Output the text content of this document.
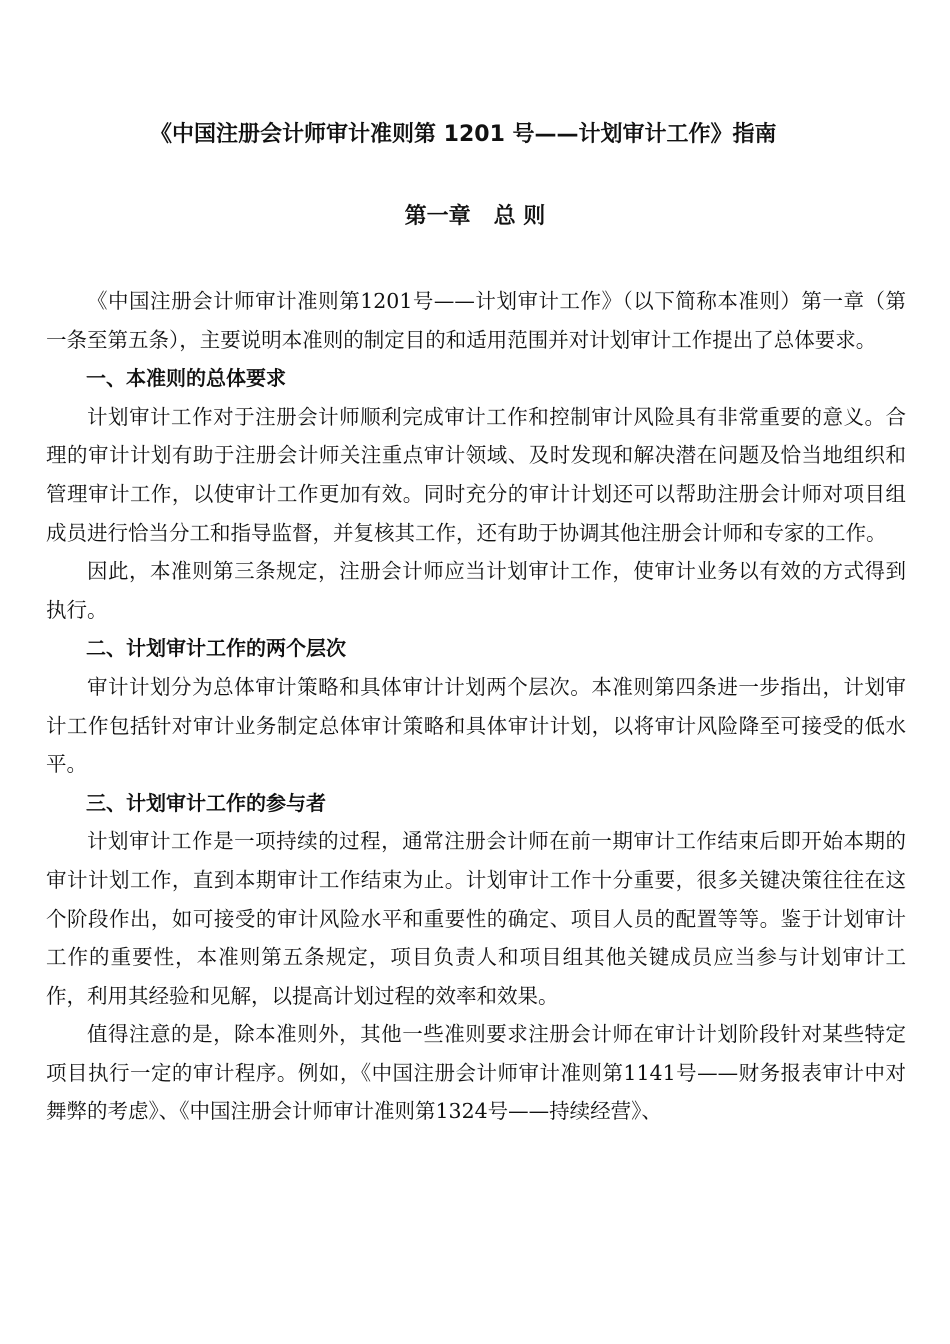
《中国注册会计师审计准则第 1201 号——计划审计工作》指南
第一章   总 则

《中国注册会计师审计准则第1201号——计划审计工作》（以下简称本准则）第一章（第一条至第五条），主要说明本准则的制定目的和适用范围并对计划审计工作提出了总体要求。

一、本准则的总体要求

计划审计工作对于注册会计师顺利完成审计工作和控制审计风险具有非常重要的意义。合理的审计计划有助于注册会计师关注重点审计领域、及时发现和解决潜在问题及恰当地组织和管理审计工作，以使审计工作更加有效。同时充分的审计计划还可以帮助注册会计师对项目组成员进行恰当分工和指导监督，并复核其工作，还有助于协调其他注册会计师和专家的工作。

因此，本准则第三条规定，注册会计师应当计划审计工作，使审计业务以有效的方式得到执行。

二、计划审计工作的两个层次

审计计划分为总体审计策略和具体审计计划两个层次。本准则第四条进一步指出，计划审计工作包括针对审计业务制定总体审计策略和具体审计计划，以将审计风险降至可接受的低水平。

三、计划审计工作的参与者

计划审计工作是一项持续的过程，通常注册会计师在前一期审计工作结束后即开始本期的审计计划工作，直到本期审计工作结束为止。计划审计工作十分重要，很多关键决策往往在这个阶段作出，如可接受的审计风险水平和重要性的确定、项目人员的配置等等。鉴于计划审计工作的重要性，本准则第五条规定，项目负责人和项目组其他关键成员应当参与计划审计工作，利用其经验和见解，以提高计划过程的效率和效果。

值得注意的是，除本准则外，其他一些准则要求注册会计师在审计计划阶段针对某些特定项目执行一定的审计程序。例如，《中国注册会计师审计准则第1141号——财务报表审计中对舞弊的考虑》、《中国注册会计师审计准则第1324号——持续经营》、
